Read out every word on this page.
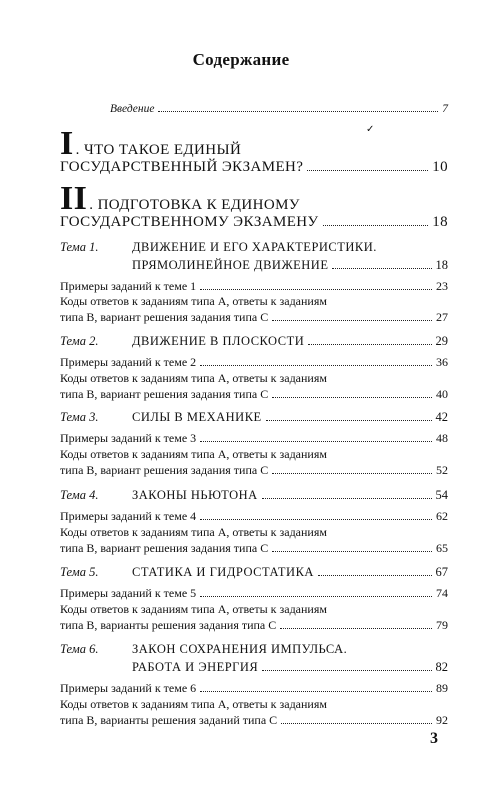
Содержание
Введение	7
✓
I . ЧТО ТАКОЕ ЕДИНЫЙ
ГОСУДАРСТВЕННЫЙ ЭКЗАМЕН?	10
II . ПОДГОТОВКА К ЕДИНОМУ
ГОСУДАРСТВЕННОМУ ЭКЗАМЕНУ	18
Тема 1.	ДВИЖЕНИЕ И ЕГО ХАРАКТЕРИСТИКИ.
ПРЯМОЛИНЕЙНОЕ ДВИЖЕНИЕ	18
Примеры заданий к теме 1	23
Коды ответов к заданиям типа А, ответы к заданиям
типа В, вариант решения задания типа С	27
Тема 2.	ДВИЖЕНИЕ В ПЛОСКОСТИ	29
Примеры заданий к теме 2	36
Коды ответов к заданиям типа А, ответы к заданиям
типа В, вариант решения задания типа С	40
Тема 3.	СИЛЫ В МЕХАНИКЕ	42
Примеры заданий к теме 3	48
Коды ответов к заданиям типа А, ответы к заданиям
типа В, вариант решения задания типа С	52
Тема 4.	ЗАКОНЫ НЬЮТОНА	54
Примеры заданий к теме 4	62
Коды ответов к заданиям типа А, ответы к заданиям
типа В, вариант решения задания типа С	65
Тема 5.	СТАТИКА И ГИДРОСТАТИКА	67
Примеры заданий к теме 5	74
Коды ответов к заданиям типа А, ответы к заданиям
типа В, варианты решения задания типа С	79
Тема 6.	ЗАКОН СОХРАНЕНИЯ ИМПУЛЬСА.
РАБОТА И ЭНЕРГИЯ	82
Примеры заданий к теме 6	89
Коды ответов к заданиям типа А, ответы к заданиям
типа В, варианты решения заданий типа С	92
3
